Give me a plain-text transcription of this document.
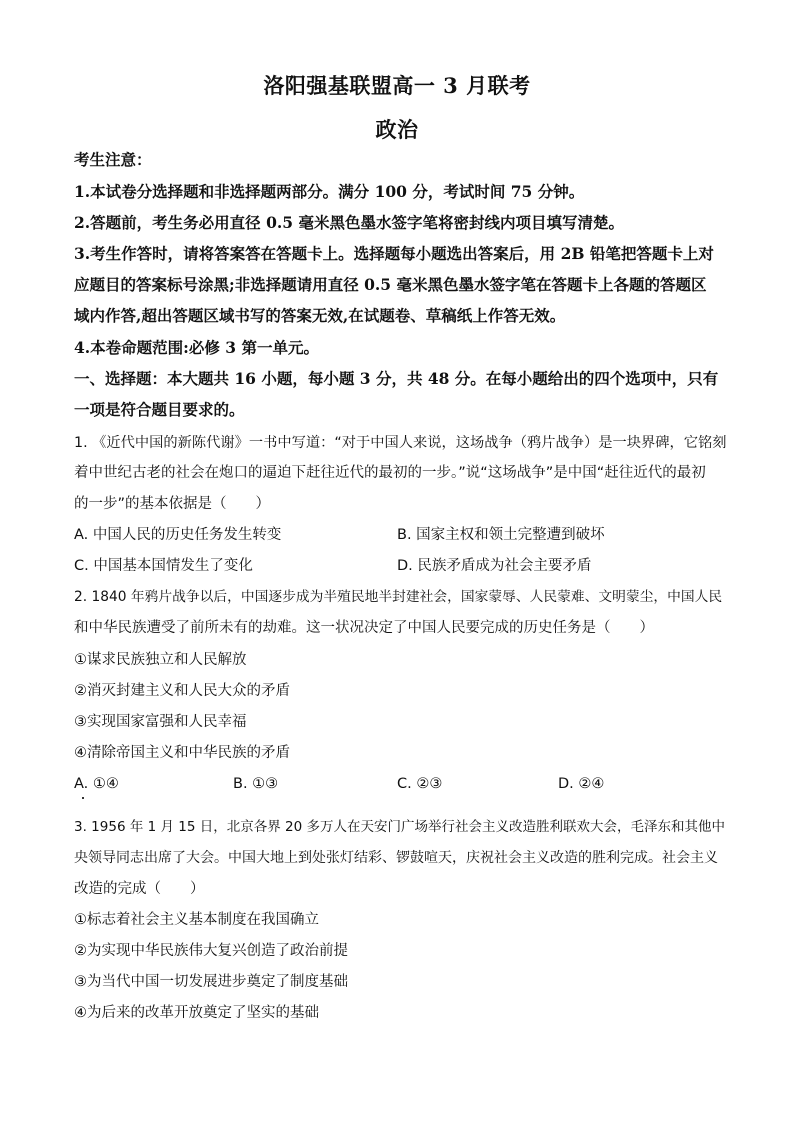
洛阳强基联盟高一 3 月联考
政治
考生注意：
1.本试卷分选择题和非选择题两部分。满分 100 分，考试时间 75 分钟。
2.答题前，考生务必用直径 0.5 毫米黑色墨水签字笔将密封线内项目填写清楚。
3.考生作答时，请将答案答在答题卡上。选择题每小题选出答案后，用 2B 铅笔把答题卡上对
应题目的答案标号涂黑;非选择题请用直径 0.5 毫米黑色墨水签字笔在答题卡上各题的答题区
域内作答,超出答题区域书写的答案无效,在试题卷、草稿纸上作答无效。
4.本卷命题范围:必修 3 第一单元。
一、选择题：本大题共 16 小题，每小题 3 分，共 48 分。在每小题给出的四个选项中，只有
一项是符合题目要求的。
1. 《近代中国的新陈代谢》一书中写道：“对于中国人来说，这场战争（鸦片战争）是一块界碑，它铭刻
着中世纪古老的社会在炮口的逼迫下赶往近代的最初的一步。”说“这场战争”是中国“赶往近代的最初
的一步”的基本依据是（　　）
A. 中国人民的历史任务发生转变	B. 国家主权和领土完整遭到破坏
C. 中国基本国情发生了变化	D. 民族矛盾成为社会主要矛盾
2. 1840 年鸦片战争以后，中国逐步成为半殖民地半封建社会，国家蒙辱、人民蒙难、文明蒙尘，中国人民
和中华民族遭受了前所未有的劫难。这一状况决定了中国人民要完成的历史任务是（　　）
①谋求民族独立和人民解放
②消灭封建主义和人民大众的矛盾
③实现国家富强和人民幸福
④清除帝国主义和中华民族的矛盾
A. ①④	B. ①③	C. ②③	D. ②④
3. 1956 年 1 月 15 日，北京各界 20 多万人在天安门广场举行社会主义改造胜利联欢大会，毛泽东和其他中
央领导同志出席了大会。中国大地上到处张灯结彩、锣鼓喧天，庆祝社会主义改造的胜利完成。社会主义
改造的完成（　　）
①标志着社会主义基本制度在我国确立
②为实现中华民族伟大复兴创造了政治前提
③为当代中国一切发展进步奠定了制度基础
④为后来的改革开放奠定了坚实的基础
